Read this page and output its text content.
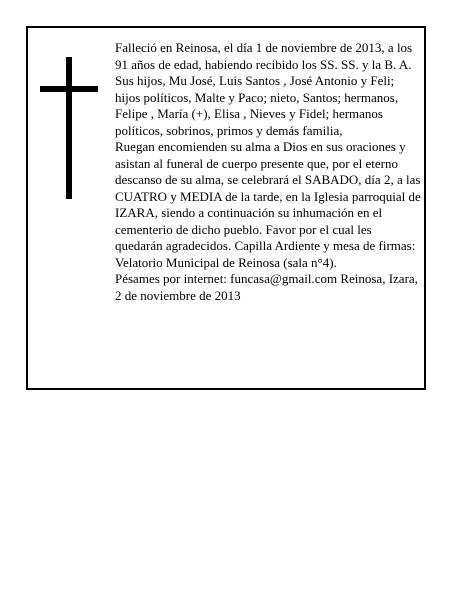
Falleció en Reinosa, el día 1 de noviembre de 2013, a los 91 años de edad, habiendo recibido los SS. SS. y la B. A.

Sus hijos, Mu José, Luis Santos , José Antonio y Feli; hijos políticos, Malte y Paco; nieto, Santos; hermanos, Felipe , María (+), Elisa , Nieves y Fidel; hermanos políticos, sobrinos, primos y demás familia,

Ruegan encomienden su alma a Dios en sus oraciones y asistan al funeral de cuerpo presente que, por el eterno descanso de su alma, se celebrará el SABADO, día 2, a las CUATRO y MEDIA de la tarde, en la Iglesia parroquial de IZARA, siendo a continuación su inhumación en el cementerio de dicho pueblo. Favor por el cual les quedarán agradecidos. Capilla Ardiente y mesa de firmas: Velatorio Municipal de Reinosa (sala n°4).

Pésames por internet: funcasa@gmail.com Reinosa, Izara, 2 de noviembre de 2013
